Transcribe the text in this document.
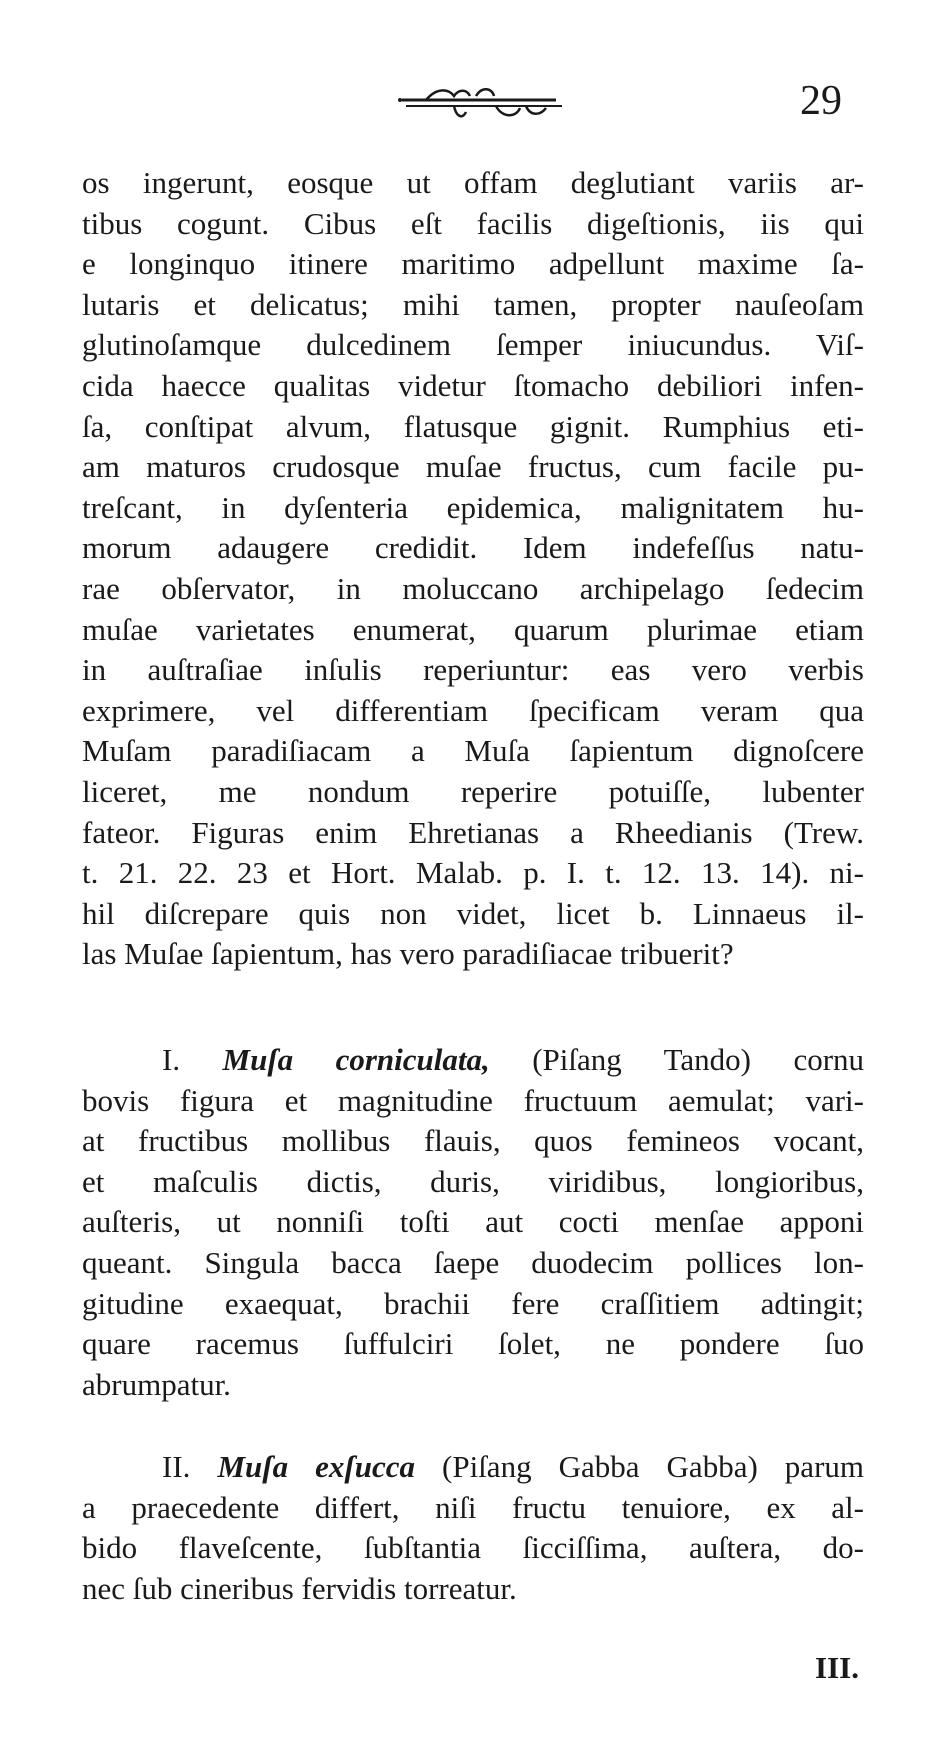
29
os ingerunt, eosque ut offam deglutiant variis ar-
tibus cogunt. Cibus eſt facilis digeſtionis, iis qui
e longinquo itinere maritimo adpellunt maxime ſa-
lutaris et delicatus; mihi tamen, propter nauſeoſam
glutinoſamque dulcedinem ſemper iniucundus. Viſ-
cida haecce qualitas videtur ſtomacho debiliori infen-
ſa, conſtipat alvum, flatusque gignit. Rumphius eti-
am maturos crudosque muſae fructus, cum facile pu-
treſcant, in dyſenteria epidemica, malignitatem hu-
morum adaugere credidit. Idem indefeſſus natu-
rae obſervator, in moluccano archipelago ſedecim
muſae varietates enumerat, quarum plurimae etiam
in auſtraſiae inſulis reperiuntur: eas vero verbis
exprimere, vel differentiam ſpecificam veram qua
Muſam paradiſiacam a Muſa ſapientum dignoſcere
liceret, me nondum reperire potuiſſe, lubenter
fateor. Figuras enim Ehretianas a Rheedianis (Trew.
t. 21. 22. 23 et Hort. Malab. p. I. t. 12. 13. 14). ni-
hil diſcrepare quis non videt, licet b. Linnaeus il-
las Muſae ſapientum, has vero paradiſiacae tribuerit?
I. Muſa corniculata, (Piſang Tando) cornu
bovis figura et magnitudine fructuum aemulat; vari-
at fructibus mollibus flauis, quos femineos vocant,
et maſculis dictis, duris, viridibus, longioribus,
auſteris, ut nonniſi toſti aut cocti menſae apponi
queant. Singula bacca ſaepe duodecim pollices lon-
gitudine exaequat, brachii fere craſſitiem adtingit;
quare racemus ſuffulciri ſolet, ne pondere ſuo
abrumpatur.
II. Muſa exſucca (Piſang Gabba Gabba) parum
a praecedente differt, niſi fructu tenuiore, ex al-
bido flaveſcente, ſubſtantia ſicciſſima, auſtera, do-
nec ſub cineribus fervidis torreatur.
III.
